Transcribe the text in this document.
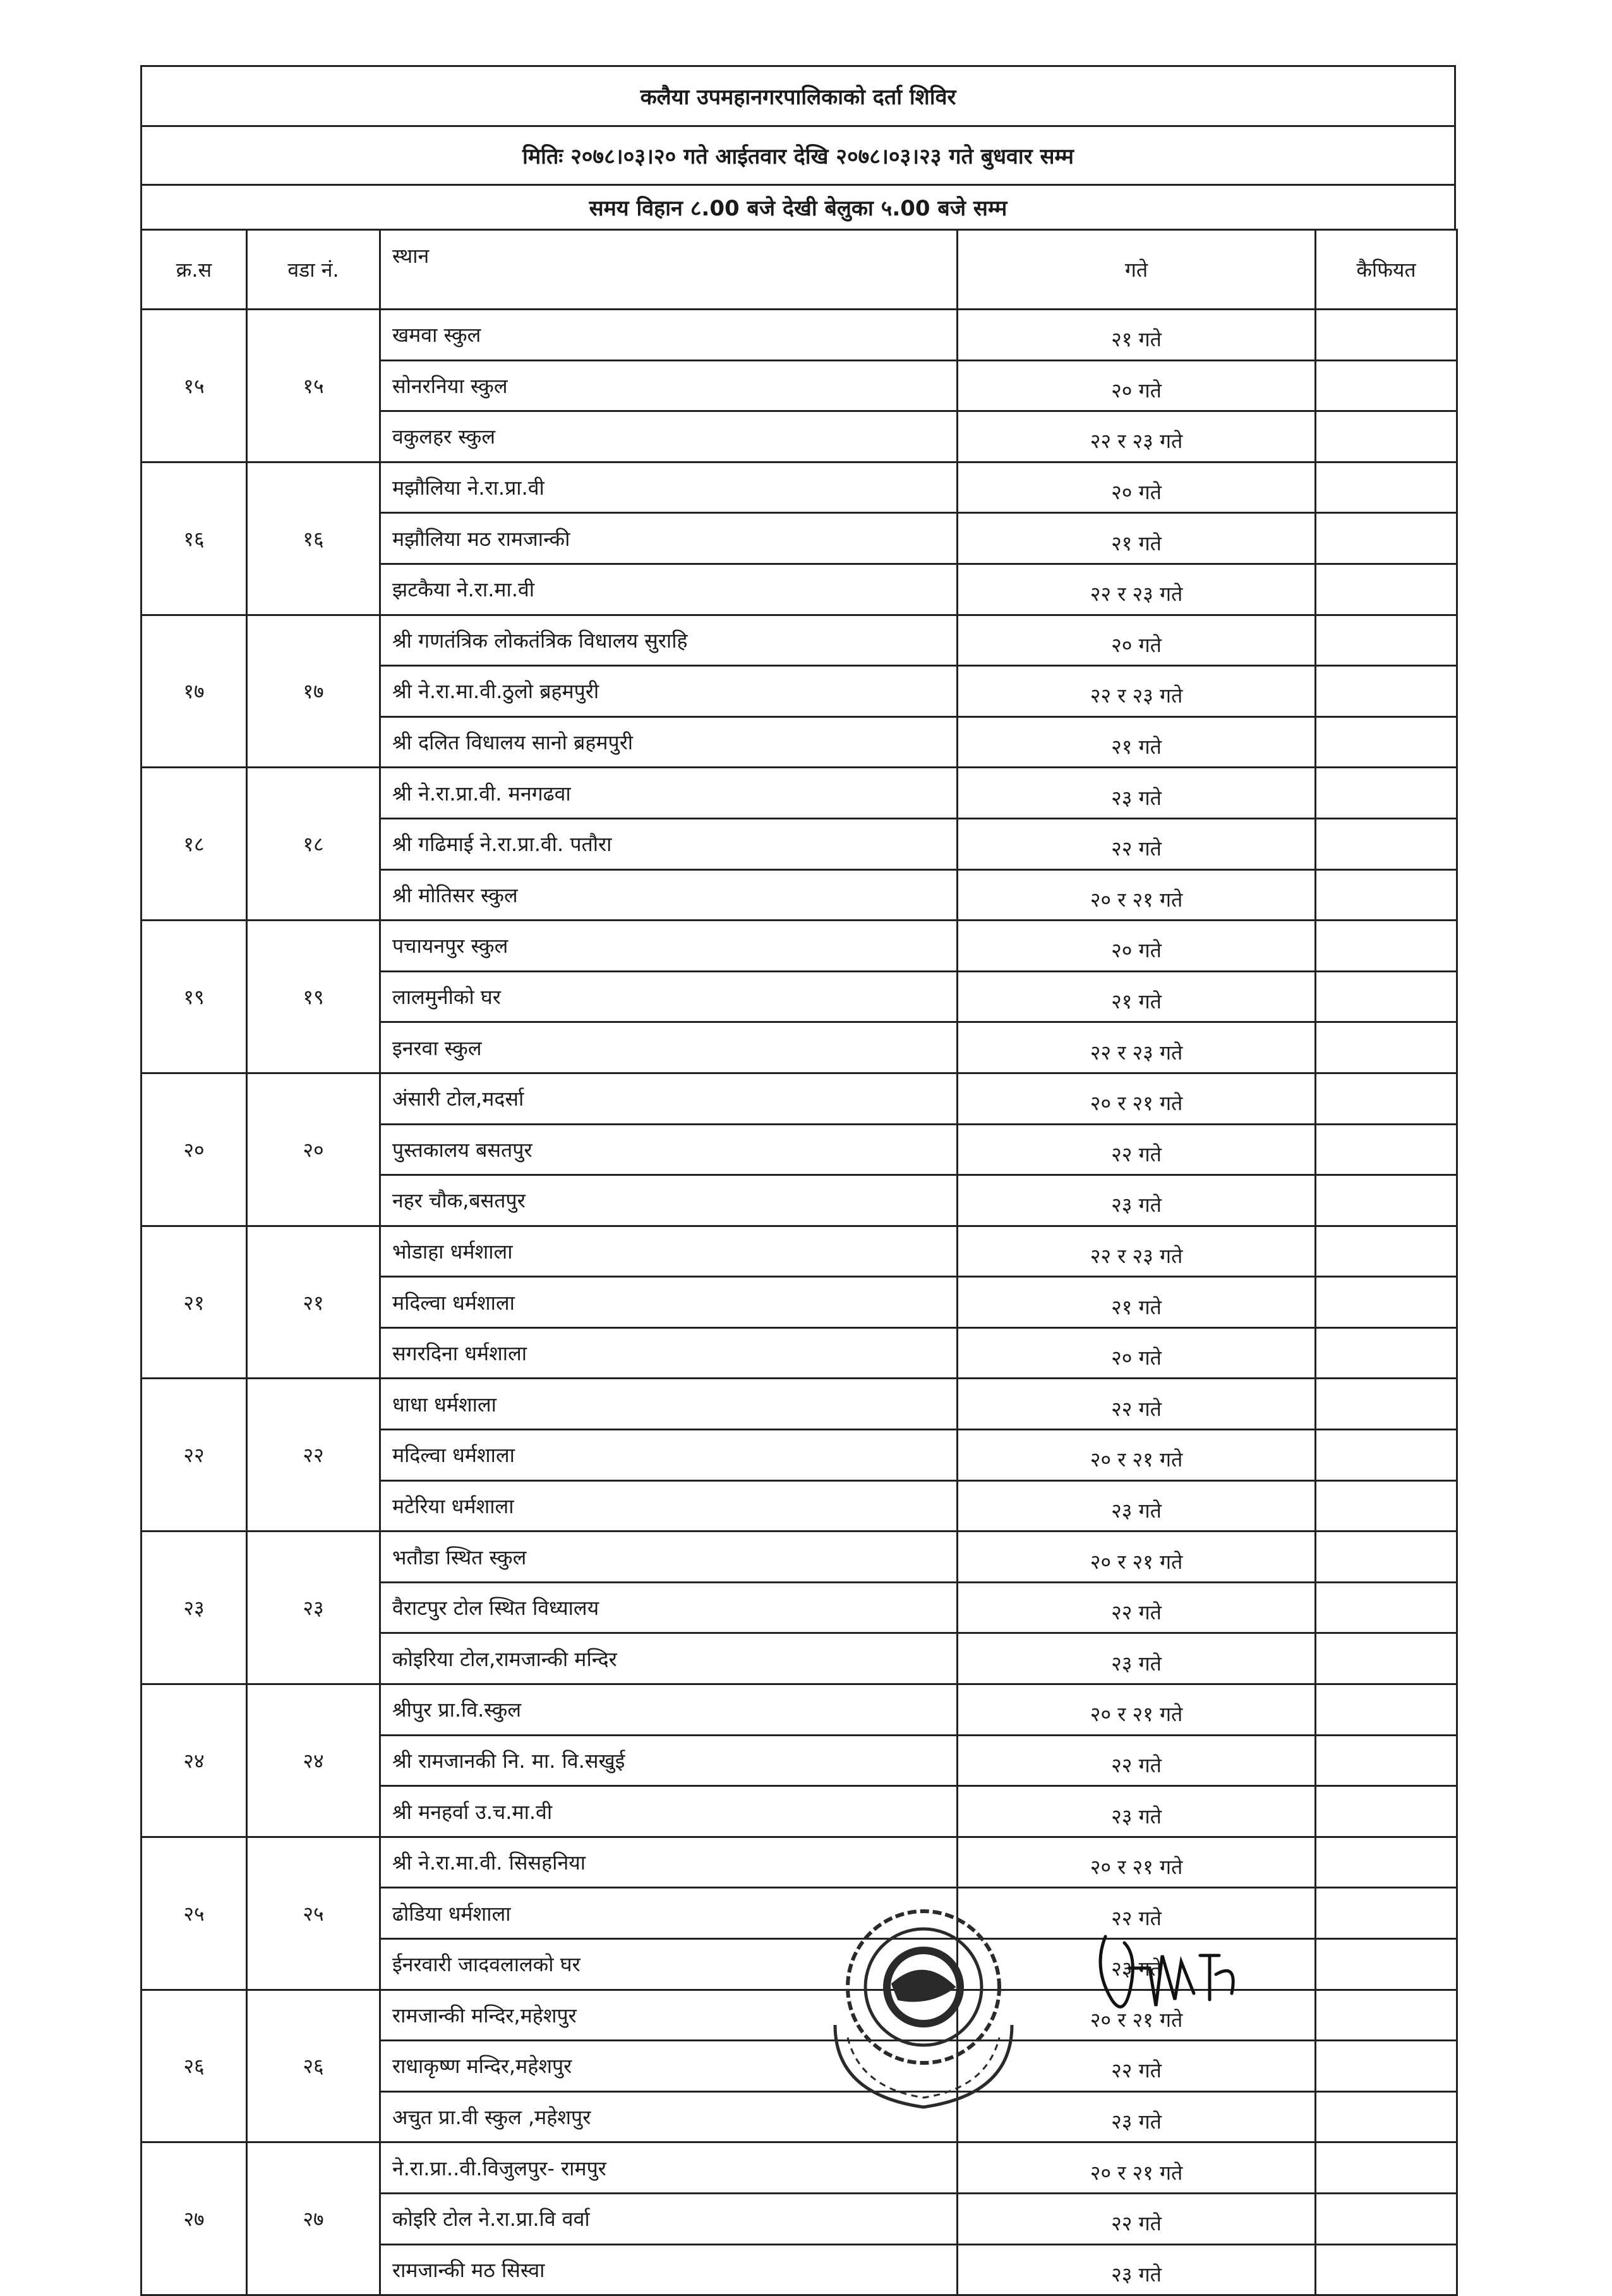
कलैया उपमहानगरपालिकाको दर्ता शिविर
मितिः २०७८।०३।२० गते आईतवार देखि २०७८।०३।२३ गते बुधवार सम्म
समय विहान ८.00 बजे देखी बेलुका ५.00 बजे सम्म
क्र.स	वडा नं.	स्थान	गते	कैफियत
१५	१५	खमवा स्कुल	२१ गते	
		सोनरनिया स्कुल	२० गते	
		वकुलहर स्कुल	२२ र २३ गते	
१६	१६	मझौलिया ने.रा.प्रा.वी	२० गते	
		मझौलिया मठ रामजान्की	२१ गते	
		झटकैया ने.रा.मा.वी	२२ र २३ गते	
१७	१७	श्री गणतंत्रिक लोकतंत्रिक विधालय सुराहि	२० गते	
		श्री ने.रा.मा.वी.ठुलो ब्रहमपुरी	२२ र २३ गते	
		श्री दलित विधालय सानो ब्रहमपुरी	२१ गते	
१८	१८	श्री ने.रा.प्रा.वी. मनगढवा	२३ गते	
		श्री गढिमाई ने.रा.प्रा.वी. पतौरा	२२ गते	
		श्री मोतिसर स्कुल	२० र २१ गते	
१९	१९	पचायनपुर स्कुल	२० गते	
		लालमुनीको घर	२१ गते	
		इनरवा स्कुल	२२ र २३ गते	
२०	२०	अंसारी टोल,मदर्सा	२० र २१ गते	
		पुस्तकालय बसतपुर	२२ गते	
		नहर चौक,बसतपुर	२३ गते	
२१	२१	भोडाहा धर्मशाला	२२ र २३ गते	
		मदिल्वा धर्मशाला	२१ गते	
		सगरदिना धर्मशाला	२० गते	
२२	२२	धाधा धर्मशाला	२२ गते	
		मदिल्वा धर्मशाला	२० र २१ गते	
		मटेरिया धर्मशाला	२३ गते	
२३	२३	भतौडा स्थित स्कुल	२० र २१ गते	
		वैराटपुर टोल स्थित विध्यालय	२२ गते	
		कोइरिया टोल,रामजान्की मन्दिर	२३ गते	
२४	२४	श्रीपुर प्रा.वि.स्कुल	२० र २१ गते	
		श्री रामजानकी नि. मा. वि.सखुई	२२ गते	
		श्री मनहर्वा उ.च.मा.वी	२३ गते	
२५	२५	श्री ने.रा.मा.वी. सिसहनिया	२० र २१ गते	
		ढोडिया धर्मशाला	२२ गते	
		ईनरवारी जादवलालको घर	२३ गते	
२६	२६	रामजान्की मन्दिर,महेशपुर	२० र २१ गते	
		राधाकृष्ण मन्दिर,महेशपुर	२२ गते	
		अचुत प्रा.वी स्कुल ,महेशपुर	२३ गते	
२७	२७	ने.रा.प्रा..वी.विजुलपुर- रामपुर	२० र २१ गते	
		कोइरि टोल ने.रा.प्रा.वि वर्वा	२२ गते	
		रामजान्की मठ सिस्वा	२३ गते	
